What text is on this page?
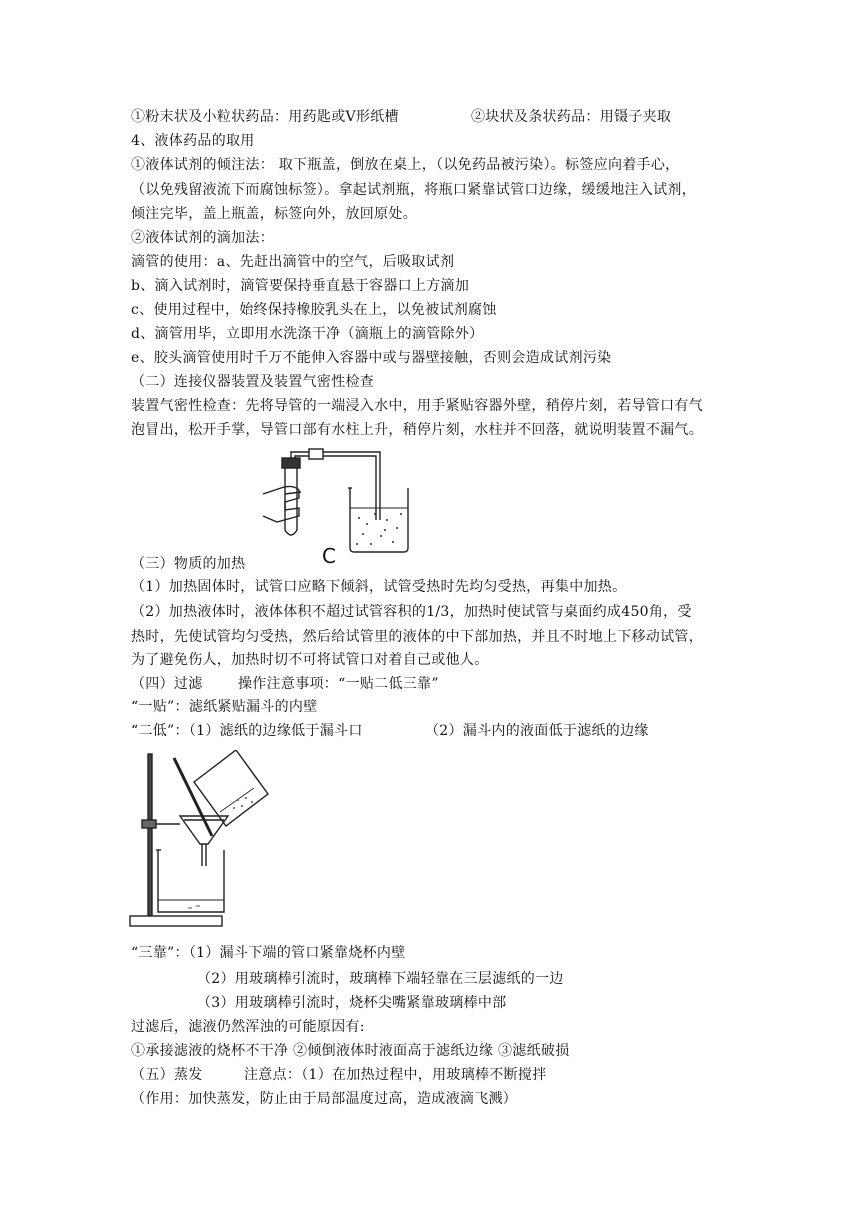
①粉末状及小粒状药品：用药匙或V形纸槽	②块状及条状药品：用镊子夹取
4、液体药品的取用
①液体试剂的倾注法： 取下瓶盖，倒放在桌上，（以免药品被污染）。标签应向着手心，
（以免残留液流下而腐蚀标签）。拿起试剂瓶，将瓶口紧靠试管口边缘，缓缓地注入试剂，
倾注完毕，盖上瓶盖，标签向外，放回原处。
②液体试剂的滴加法：
滴管的使用：a、先赶出滴管中的空气，后吸取试剂
b、滴入试剂时，滴管要保持垂直悬于容器口上方滴加
c、使用过程中，始终保持橡胶乳头在上，以免被试剂腐蚀
d、滴管用毕，立即用水洗涤干净（滴瓶上的滴管除外）
e、胶头滴管使用时千万不能伸入容器中或与器壁接触，否则会造成试剂污染
（二）连接仪器装置及装置气密性检查
装置气密性检查：先将导管的一端浸入水中，用手紧贴容器外壁，稍停片刻，若导管口有气
泡冒出，松开手掌，导管口部有水柱上升，稍停片刻，水柱并不回落，就说明装置不漏气。
C
（三）物质的加热
（1）加热固体时，试管口应略下倾斜，试管受热时先均匀受热，再集中加热。
（2）加热液体时，液体体积不超过试管容积的1/3，加热时使试管与桌面约成450角，受
热时，先使试管均匀受热，然后给试管里的液体的中下部加热，并且不时地上下移动试管，
为了避免伤人，加热时切不可将试管口对着自己或他人。
（四）过滤	操作注意事项：“一贴二低三靠”
“一贴”：滤纸紧贴漏斗的内壁
“二低”：（1）滤纸的边缘低于漏斗口	（2）漏斗内的液面低于滤纸的边缘
“三靠”：（1）漏斗下端的管口紧靠烧杯内壁
（2）用玻璃棒引流时，玻璃棒下端轻靠在三层滤纸的一边
（3）用玻璃棒引流时，烧杯尖嘴紧靠玻璃棒中部
过滤后，滤液仍然浑浊的可能原因有:
①承接滤液的烧杯不干净 ②倾倒液体时液面高于滤纸边缘 ③滤纸破损
（五）蒸发	注意点：（1）在加热过程中，用玻璃棒不断搅拌
（作用：加快蒸发，防止由于局部温度过高，造成液滴飞溅）
